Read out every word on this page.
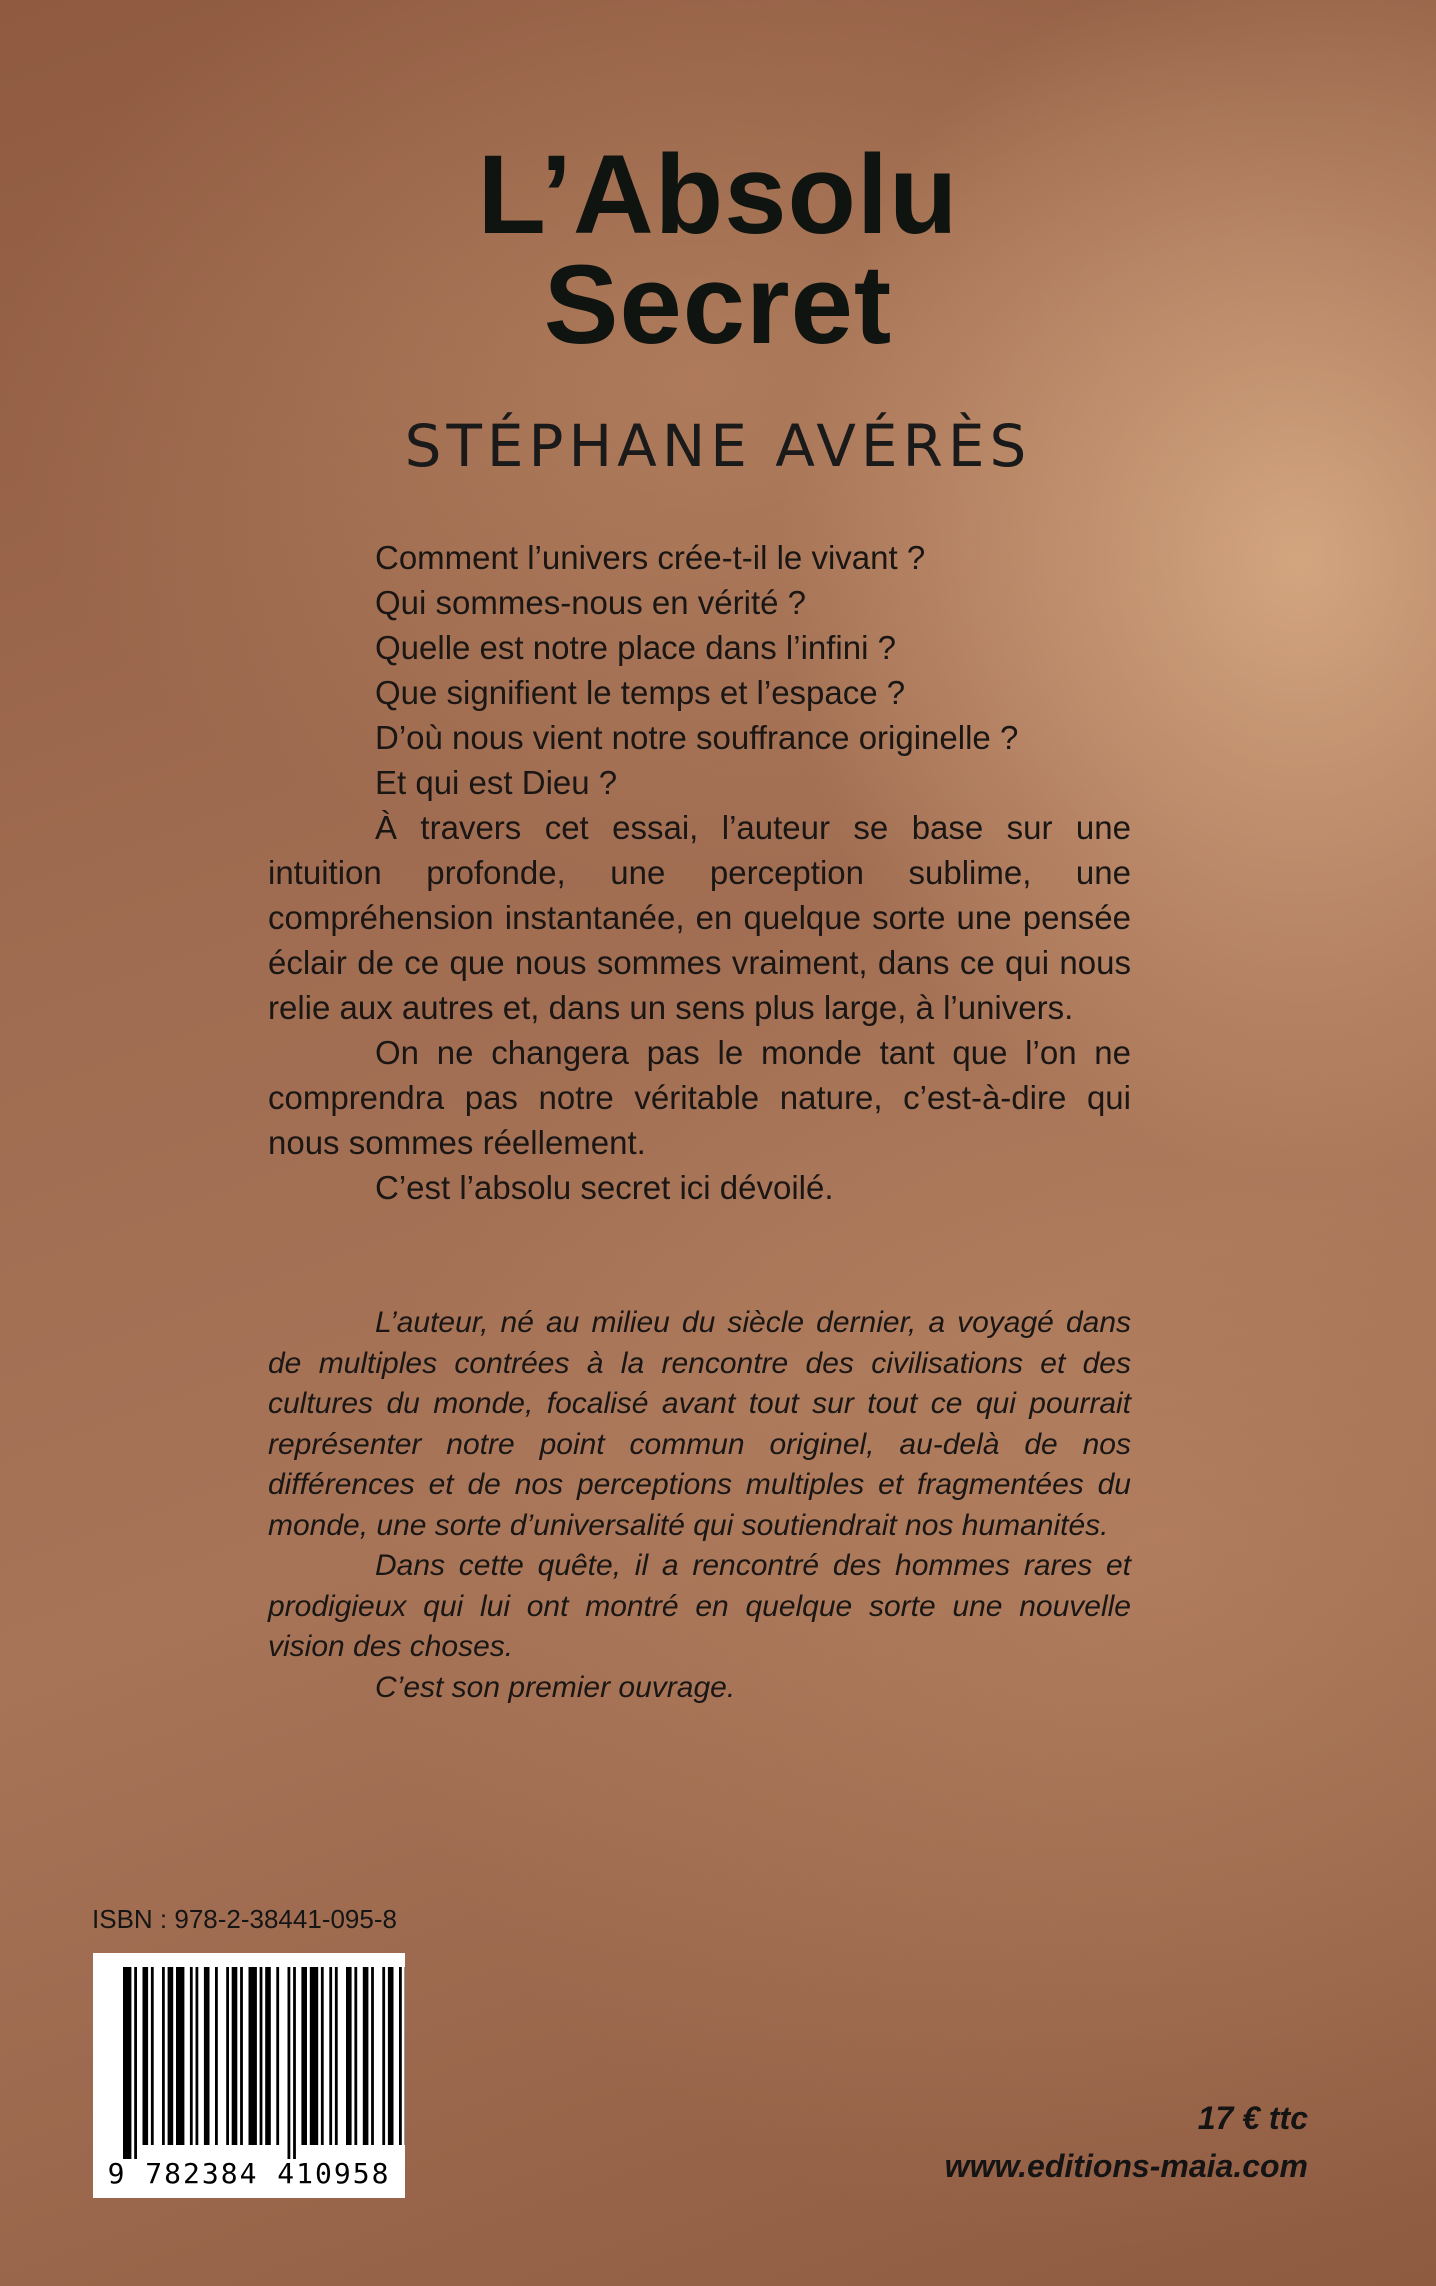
L’Absolu
Secret
STÉPHANE AVÉRÈS

Comment l’univers crée-t-il le vivant ?

Qui sommes-nous en vérité ?

Quelle est notre place dans l’infini ?

Que signifient le temps et l’espace ?

D’où nous vient notre souffrance originelle ?

Et qui est Dieu ?

À travers cet essai, l’auteur se base sur une intuition profonde, une perception sublime, une compréhension instantanée, en quelque sorte une pensée éclair de ce que nous sommes vraiment, dans ce qui nous relie aux autres et, dans un sens plus large, à l’univers.

On ne changera pas le monde tant que l’on ne comprendra pas notre véritable nature, c’est-à-dire qui nous sommes réellement.

C’est l’absolu secret ici dévoilé.

L’auteur, né au milieu du siècle dernier, a voyagé dans de multiples contrées à la rencontre des civilisations et des cultures du monde, focalisé avant tout sur tout ce qui pourrait représenter notre point commun originel, au-delà de nos différences et de nos perceptions multiples et fragmentées du monde, une sorte d’universalité qui soutiendrait nos humanités.

Dans cette quête, il a rencontré des hommes rares et prodigieux qui lui ont montré en quelque sorte une nouvelle vision des choses.

C’est son premier ouvrage.

ISBN : 978-2-38441-095-8
9 782384 410958
17 € ttc
www.editions-maia.com
